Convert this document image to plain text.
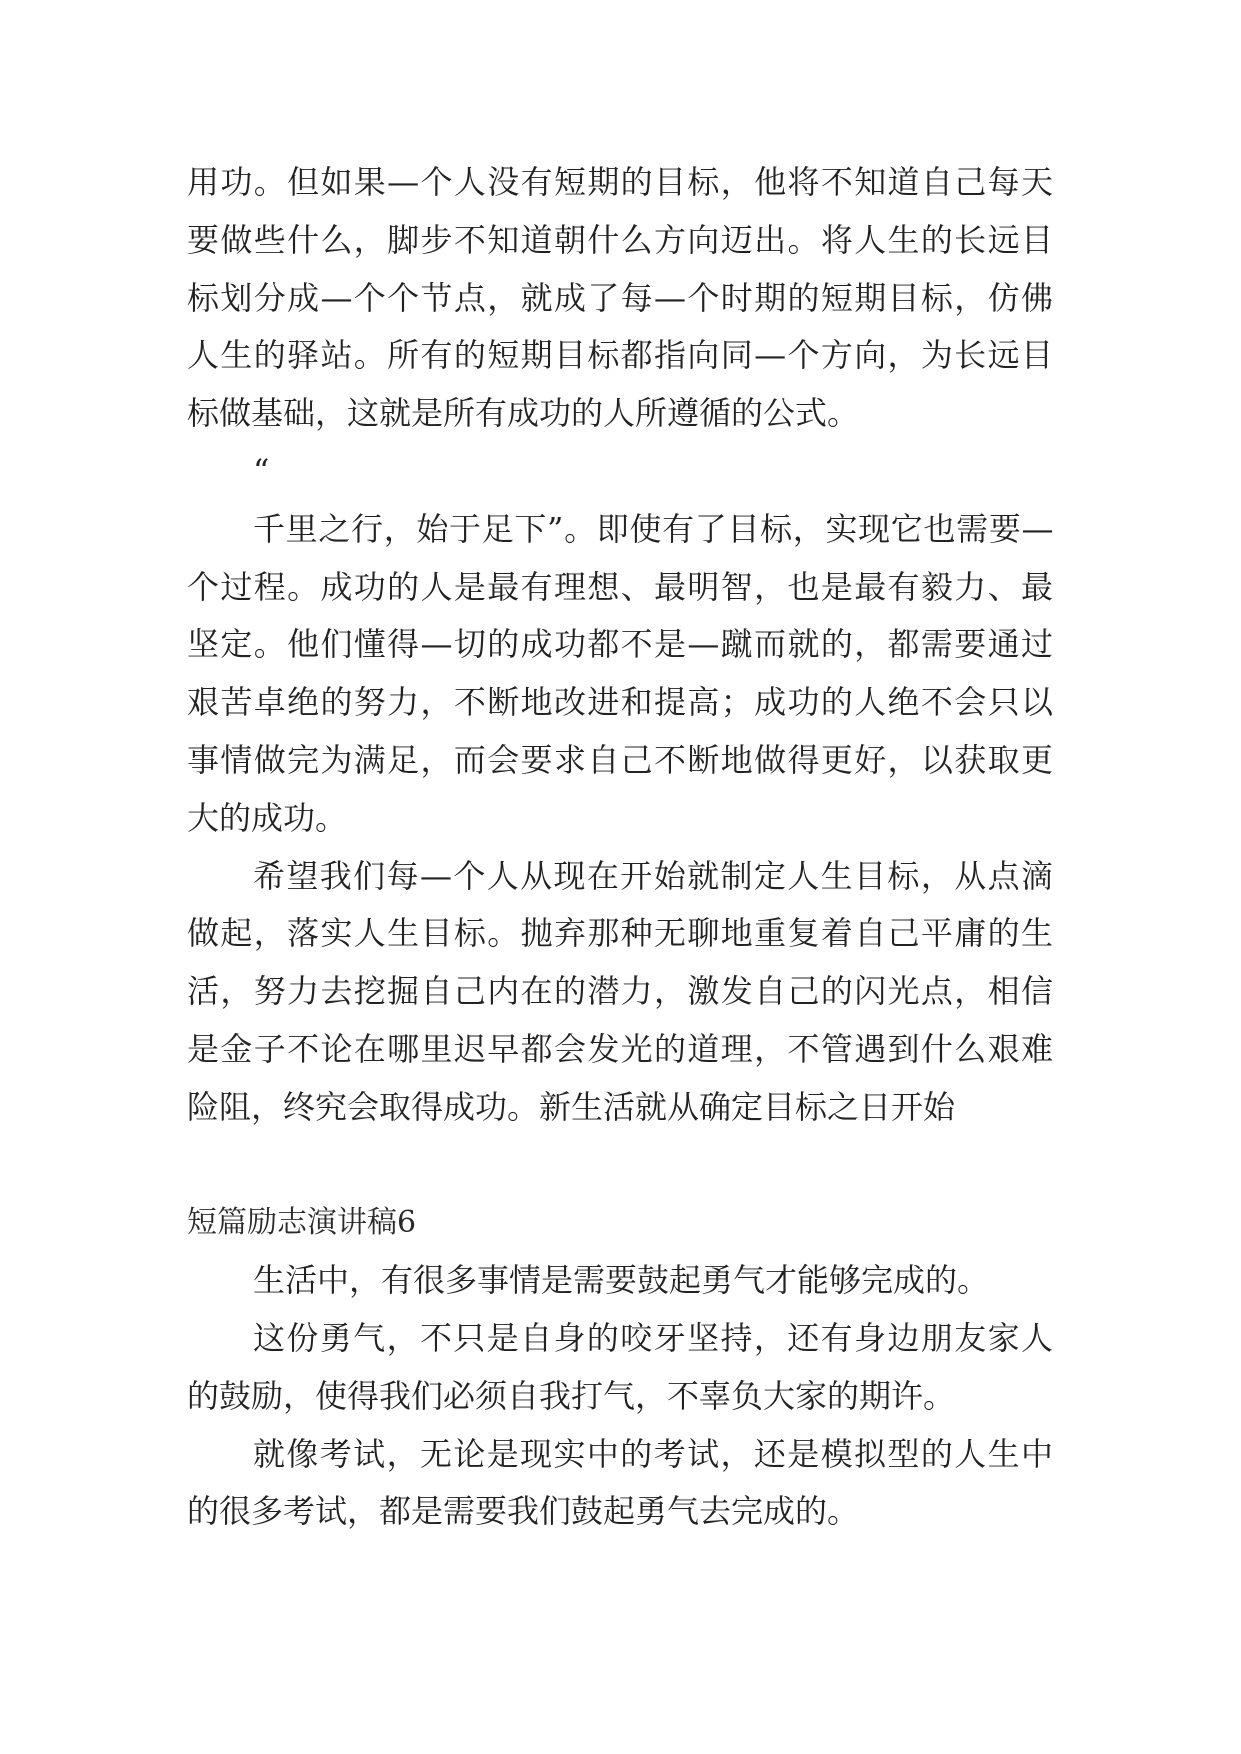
用功。但如果—个人没有短期的目标，他将不知道自己每天
要做些什么，脚步不知道朝什么方向迈出。将人生的长远目
标划分成—个个节点，就成了每—个时期的短期目标，仿佛
人生的驿站。所有的短期目标都指向同—个方向，为长远目
标做基础，这就是所有成功的人所遵循的公式。
“
千里之行，始于足下”。即使有了目标，实现它也需要—
个过程。成功的人是最有理想、最明智，也是最有毅力、最
坚定。他们懂得—切的成功都不是—蹴而就的，都需要通过
艰苦卓绝的努力，不断地改进和提高；成功的人绝不会只以
事情做完为满足，而会要求自己不断地做得更好，以获取更
大的成功。
希望我们每—个人从现在开始就制定人生目标，从点滴
做起，落实人生目标。抛弃那种无聊地重复着自己平庸的生
活，努力去挖掘自己内在的潜力，激发自己的闪光点，相信
是金子不论在哪里迟早都会发光的道理，不管遇到什么艰难
险阻，终究会取得成功。新生活就从确定目标之日开始
短篇励志演讲稿6
生活中，有很多事情是需要鼓起勇气才能够完成的。
这份勇气，不只是自身的咬牙坚持，还有身边朋友家人
的鼓励，使得我们必须自我打气，不辜负大家的期许。
就像考试，无论是现实中的考试，还是模拟型的人生中
的很多考试，都是需要我们鼓起勇气去完成的。
